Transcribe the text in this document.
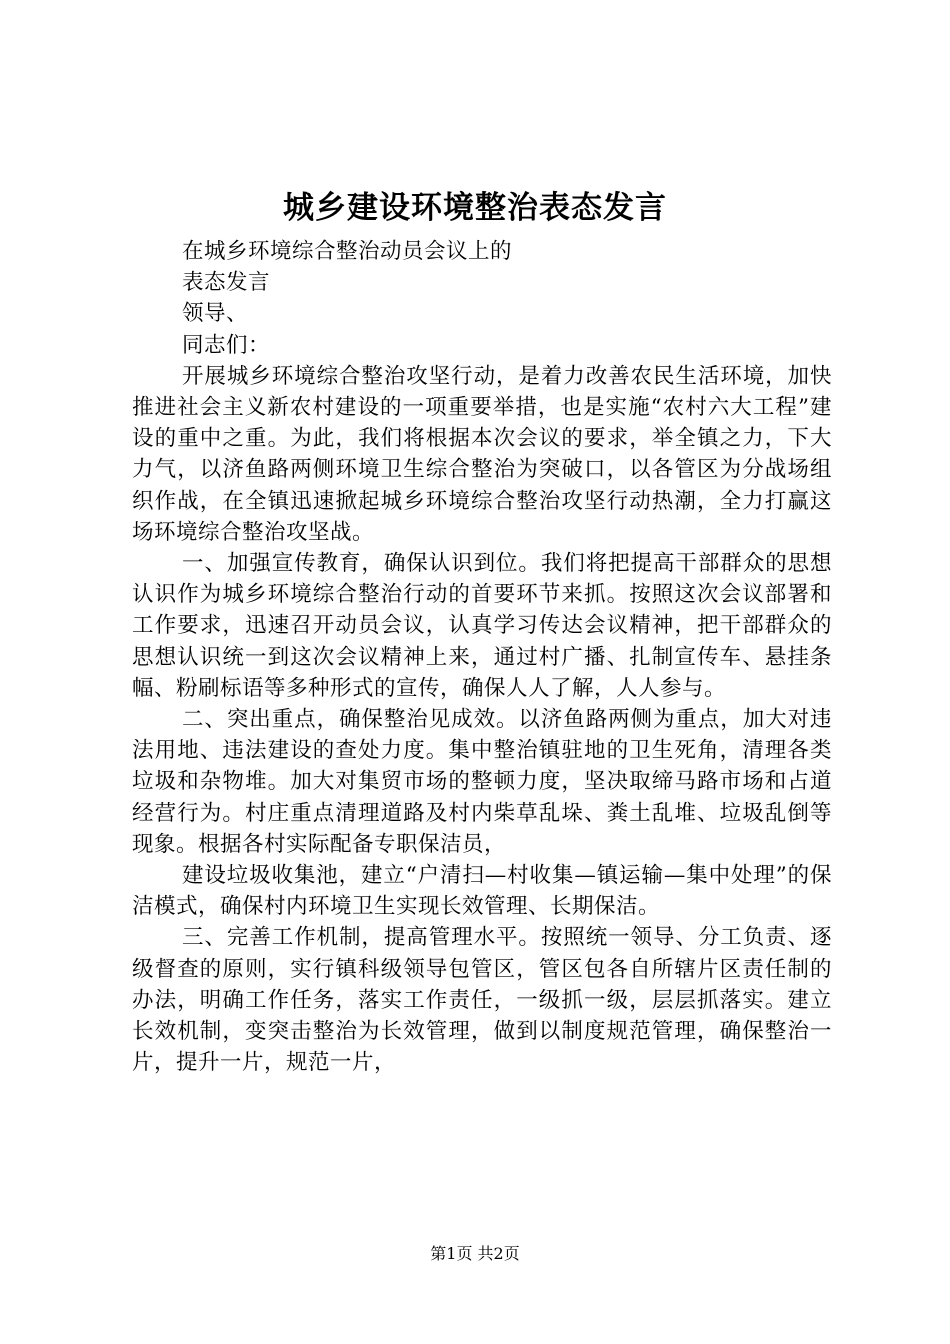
城乡建设环境整治表态发言
在城乡环境综合整治动员会议上的
表态发言
领导、
同志们：
开展城乡环境综合整治攻坚行动，是着力改善农民生活环境，加快推进社会主义新农村建设的一项重要举措，也是实施“农村六大工程”建设的重中之重。为此，我们将根据本次会议的要求，举全镇之力，下大力气，以济鱼路两侧环境卫生综合整治为突破口，以各管区为分战场组织作战，在全镇迅速掀起城乡环境综合整治攻坚行动热潮，全力打赢这场环境综合整治攻坚战。
一、加强宣传教育，确保认识到位。我们将把提高干部群众的思想认识作为城乡环境综合整治行动的首要环节来抓。按照这次会议部署和工作要求，迅速召开动员会议，认真学习传达会议精神，把干部群众的思想认识统一到这次会议精神上来，通过村广播、扎制宣传车、悬挂条幅、粉刷标语等多种形式的宣传，确保人人了解，人人参与。
二、突出重点，确保整治见成效。以济鱼路两侧为重点，加大对违法用地、违法建设的查处力度。集中整治镇驻地的卫生死角，清理各类垃圾和杂物堆。加大对集贸市场的整顿力度，坚决取缔马路市场和占道经营行为。村庄重点清理道路及村内柴草乱垛、粪土乱堆、垃圾乱倒等现象。根据各村实际配备专职保洁员，
建设垃圾收集池，建立“户清扫—村收集—镇运输—集中处理”的保洁模式，确保村内环境卫生实现长效管理、长期保洁。
三、完善工作机制，提高管理水平。按照统一领导、分工负责、逐级督查的原则，实行镇科级领导包管区，管区包各自所辖片区责任制的办法，明确工作任务，落实工作责任，一级抓一级，层层抓落实。建立长效机制，变突击整治为长效管理，做到以制度规范管理，确保整治一片，提升一片，规范一片，
第1页 共2页
